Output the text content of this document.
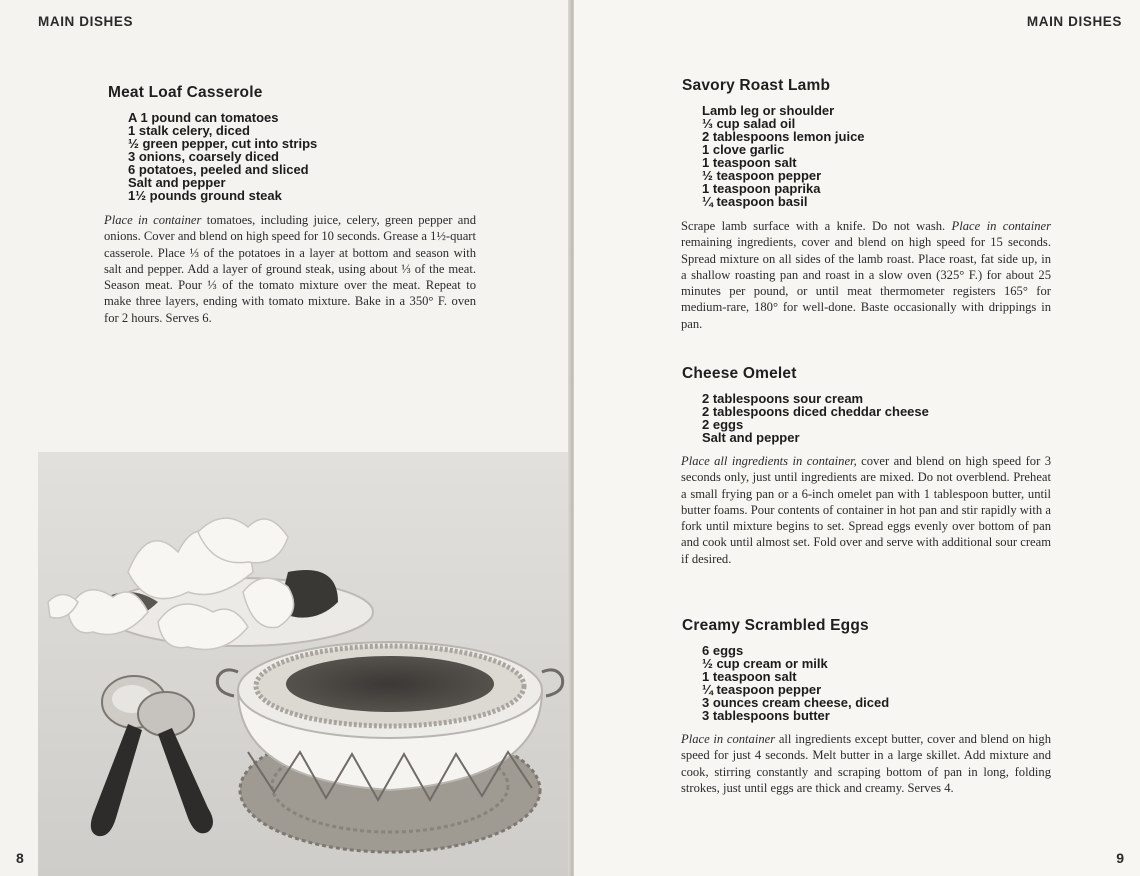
MAIN DISHES
Meat Loaf Casserole
A 1 pound can tomatoes
1 stalk celery, diced
½ green pepper, cut into strips
3 onions, coarsely diced
6 potatoes, peeled and sliced
Salt and pepper
1½ pounds ground steak

Place in container tomatoes, including juice, celery, green pepper and onions. Cover and blend on high speed for 10 seconds. Grease a 1½-quart casserole. Place ⅓ of the potatoes in a layer at bottom and season with salt and pepper. Add a layer of ground steak, using about ⅓ of the meat. Season meat. Pour ⅓ of the tomato mixture over the meat. Repeat to make three layers, ending with tomato mixture. Bake in a 350° F. oven for 2 hours. Serves 6.

8
MAIN DISHES
Savory Roast Lamb
Lamb leg or shoulder
⅓ cup salad oil
2 tablespoons lemon juice
1 clove garlic
1 teaspoon salt
½ teaspoon pepper
1 teaspoon paprika
¼ teaspoon basil

Scrape lamb surface with a knife. Do not wash. Place in container remaining ingredients, cover and blend on high speed for 15 seconds. Spread mixture on all sides of the lamb roast. Place roast, fat side up, in a shallow roasting pan and roast in a slow oven (325° F.) for about 25 minutes per pound, or until meat thermometer registers 165° for medium-rare, 180° for well-done. Baste occasionally with drippings in pan.

Cheese Omelet
2 tablespoons sour cream
2 tablespoons diced cheddar cheese
2 eggs
Salt and pepper

Place all ingredients in container, cover and blend on high speed for 3 seconds only, just until ingredients are mixed. Do not overblend. Preheat a small frying pan or a 6-inch omelet pan with 1 tablespoon butter, until butter foams. Pour contents of container in hot pan and stir rapidly with a fork until mixture begins to set. Spread eggs evenly over bottom of pan and cook until almost set. Fold over and serve with additional sour cream if desired.

Creamy Scrambled Eggs
6 eggs
½ cup cream or milk
1 teaspoon salt
¼ teaspoon pepper
3 ounces cream cheese, diced
3 tablespoons butter

Place in container all ingredients except butter, cover and blend on high speed for just 4 seconds. Melt butter in a large skillet. Add mixture and cook, stirring constantly and scraping bottom of pan in long, folding strokes, just until eggs are thick and creamy. Serves 4.

9
